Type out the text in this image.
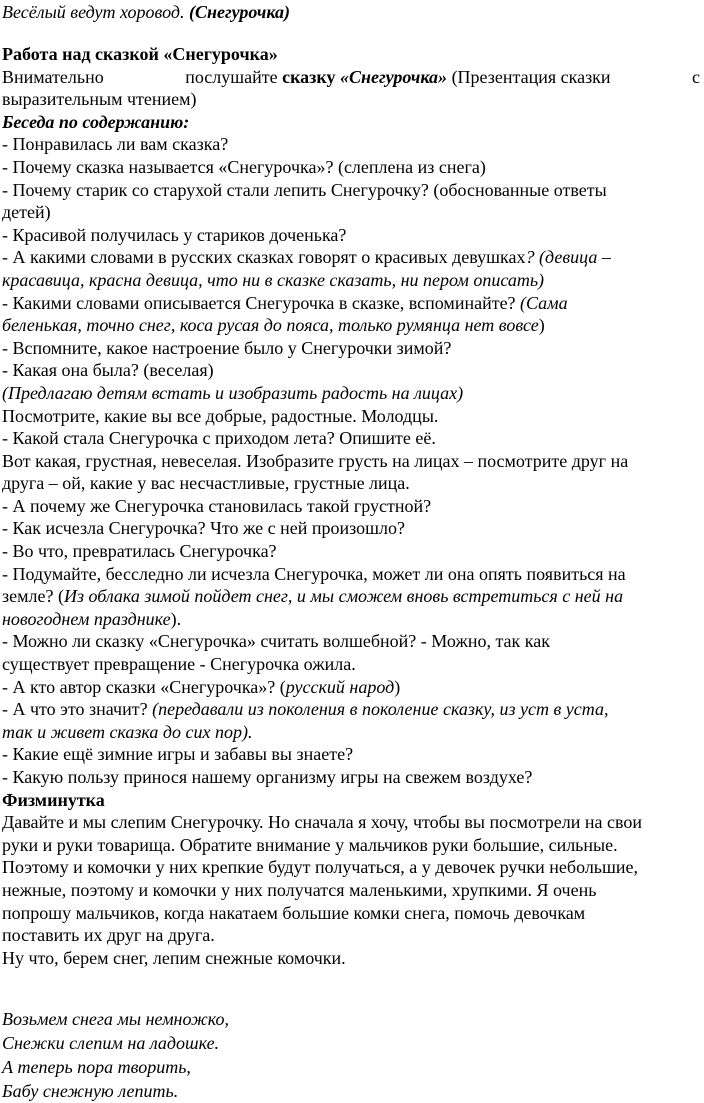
Весёлый ведут хоровод. (Снегурочка)
Работа над сказкой «Снегурочка»
Внимательно	послушайте сказку «Снегурочка» (Презентация сказки	с
выразительным чтением)
Беседа по содержанию:
- Понравилась ли вам сказка?
- Почему сказка называется «Снегурочка»? (слеплена из снега)
- Почему старик со старухой стали лепить Снегурочку? (обоснованные ответы
детей)
- Красивой получилась у стариков доченька?
- А какими словами в русских сказках говорят о красивых девушках? (девица –
красавица, красна девица, что ни в сказке сказать, ни пером описать)
- Какими словами описывается Снегурочка в сказке, вспоминайте? (Сама
беленькая, точно снег, коса русая до пояса, только румянца нет вовсе)
- Вспомните, какое настроение было у Снегурочки зимой?
- Какая она была? (веселая)
(Предлагаю детям встать и изобразить радость на лицах)
Посмотрите, какие вы все добрые, радостные. Молодцы.
- Какой стала Снегурочка с приходом лета? Опишите её.
Вот какая, грустная, невеселая. Изобразите грусть на лицах – посмотрите друг на
друга – ой, какие у вас несчастливые, грустные лица.
- А почему же Снегурочка становилась такой грустной?
- Как исчезла Снегурочка? Что же с ней произошло?
- Во что, превратилась Снегурочка?
- Подумайте, бесследно ли исчезла Снегурочка, может ли она опять появиться на
земле? (Из облака зимой пойдет снег, и мы сможем вновь встретиться с ней на
новогоднем празднике).
- Можно ли сказку «Снегурочка» считать волшебной? - Можно, так как
существует превращение - Снегурочка ожила.
- А кто автор сказки «Снегурочка»? (русский народ)
- А что это значит? (передавали из поколения в поколение сказку, из уст в уста,
так и живет сказка до сих пор).
- Какие ещё зимние игры и забавы вы знаете?
- Какую пользу принося нашему организму игры на свежем воздухе?
Физминутка
Давайте и мы слепим Снегурочку. Но сначала я хочу, чтобы вы посмотрели на свои
руки и руки товарища. Обратите внимание у мальчиков руки большие, сильные.
Поэтому и комочки у них крепкие будут получаться, а у девочек ручки небольшие,
нежные, поэтому и комочки у них получатся маленькими, хрупкими. Я очень
попрошу мальчиков, когда накатаем большие комки снега, помочь девочкам
поставить их друг на друга.
Ну что, берем снег, лепим снежные комочки.
Возьмем снега мы немножко,
Снежки слепим на ладошке.
А теперь пора творить,
Бабу снежную лепить.
